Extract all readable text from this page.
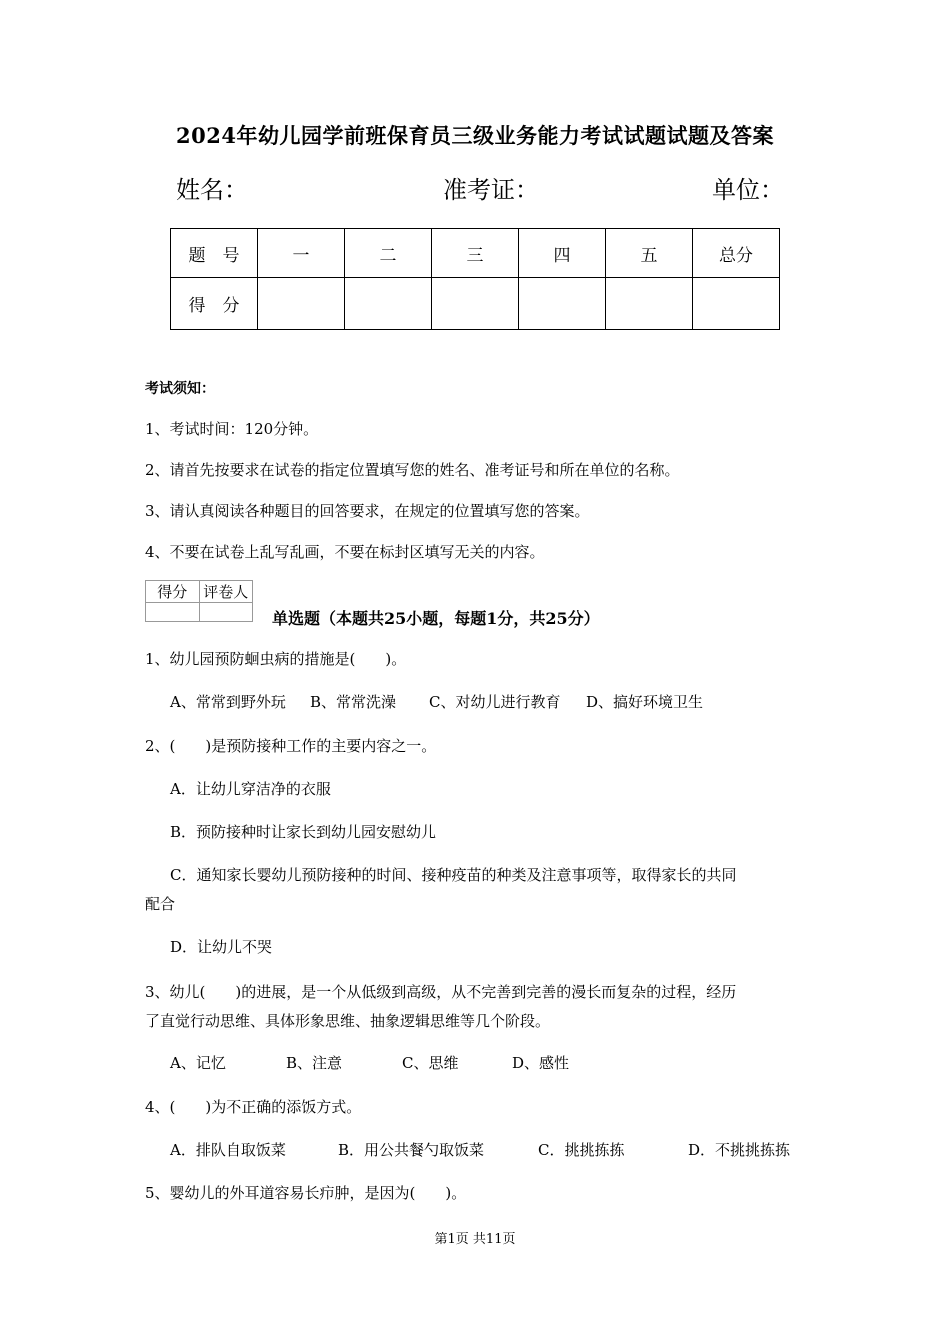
2024年幼儿园学前班保育员三级业务能力考试试题试题及答案
姓名：	准考证：	单位：
题　号	一	二	三	四	五	总分
得　分						
考试须知：
1、考试时间：120分钟。
2、请首先按要求在试卷的指定位置填写您的姓名、准考证号和所在单位的名称。
3、请认真阅读各种题目的回答要求，在规定的位置填写您的答案。
4、不要在试卷上乱写乱画，不要在标封区填写无关的内容。
得分	评卷人

单选题（本题共25小题，每题1分，共25分）
1、幼儿园预防蛔虫病的措施是(　　)。
A、常常到野外玩 B、常常洗澡 C、对幼儿进行教育 D、搞好环境卫生
2、(　　)是预防接种工作的主要内容之一。
A．让幼儿穿洁净的衣服
B．预防接种时让家长到幼儿园安慰幼儿
C．通知家长婴幼儿预防接种的时间、接种疫苗的种类及注意事项等，取得家长的共同
配合
D．让幼儿不哭
3、幼儿(　　)的进展，是一个从低级到高级，从不完善到完善的漫长而复杂的过程，经历
了直觉行动思维、具体形象思维、抽象逻辑思维等几个阶段。
A、记忆	B、注意	C、思维	D、感性
4、(　　)为不正确的添饭方式。
A．排队自取饭菜	B．用公共餐勺取饭菜	C．挑挑拣拣	D．不挑挑拣拣
5、婴幼儿的外耳道容易长疖肿，是因为(　　)。
第1页 共11页
